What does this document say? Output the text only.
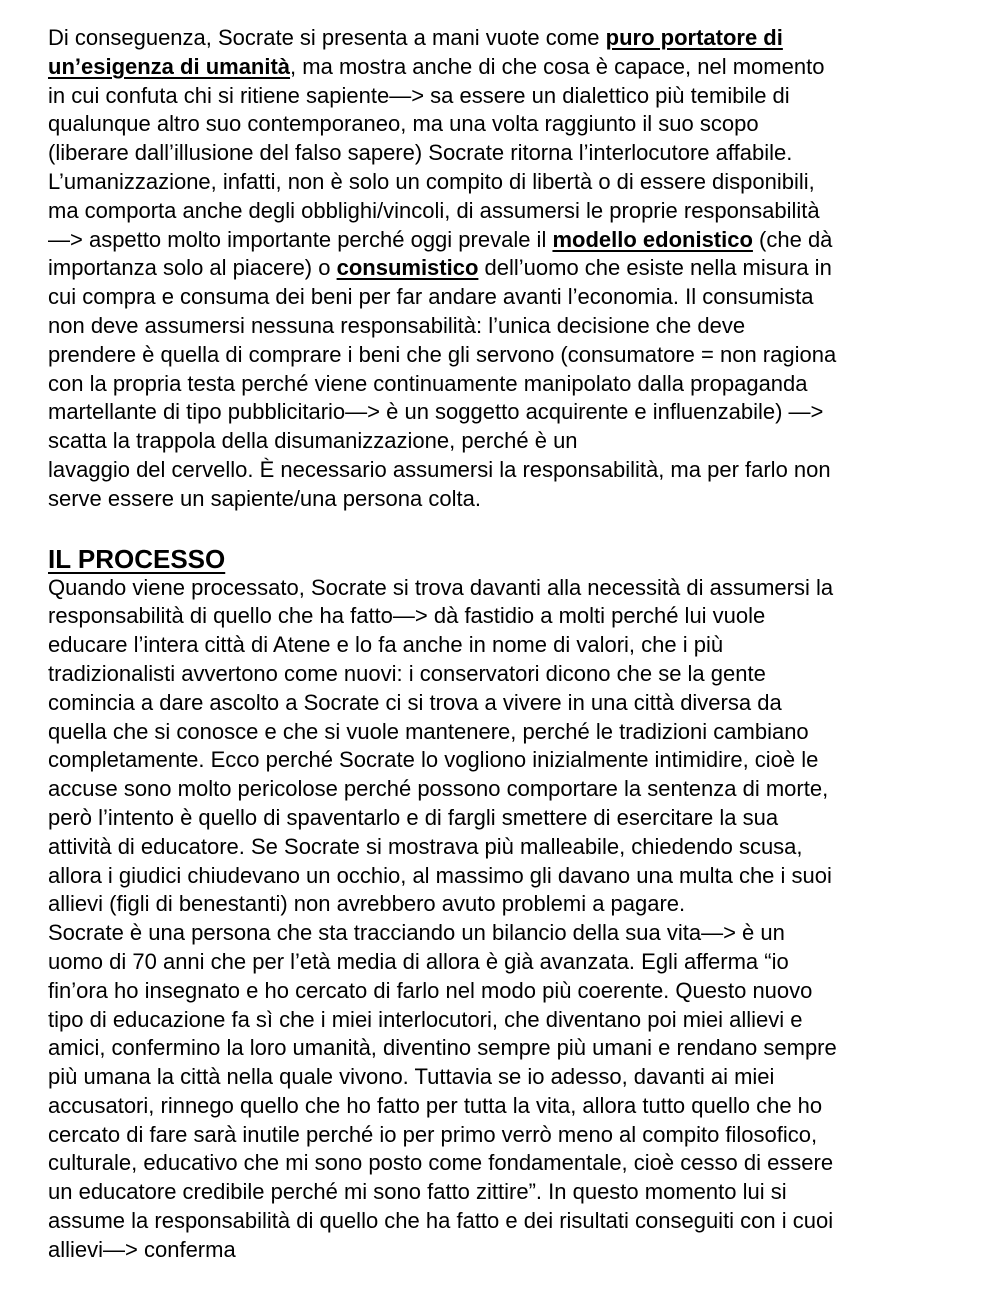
Di conseguenza, Socrate si presenta a mani vuote come puro portatore di
un’esigenza di umanità, ma mostra anche di che cosa è capace, nel momento
in cui confuta chi si ritiene sapiente—> sa essere un dialettico più temibile di
qualunque altro suo contemporaneo, ma una volta raggiunto il suo scopo
(liberare dall’illusione del falso sapere) Socrate ritorna l’interlocutore affabile.
L’umanizzazione, infatti, non è solo un compito di libertà o di essere disponibili,
ma comporta anche degli obblighi/vincoli, di assumersi le proprie responsabilità
—> aspetto molto importante perché oggi prevale il modello edonistico (che dà
importanza solo al piacere) o consumistico dell’uomo che esiste nella misura in
cui compra e consuma dei beni per far andare avanti l’economia. Il consumista
non deve assumersi nessuna responsabilità: l’unica decisione che deve
prendere è quella di comprare i beni che gli servono (consumatore = non ragiona
con la propria testa perché viene continuamente manipolato dalla propaganda
martellante di tipo pubblicitario—> è un soggetto acquirente e influenzabile) —>
scatta la trappola della disumanizzazione, perché è un
lavaggio del cervello. È necessario assumersi la responsabilità, ma per farlo non
serve essere un sapiente/una persona colta.
IL PROCESSO
Quando viene processato, Socrate si trova davanti alla necessità di assumersi la
responsabilità di quello che ha fatto—> dà fastidio a molti perché lui vuole
educare l’intera città di Atene e lo fa anche in nome di valori, che i più
tradizionalisti avvertono come nuovi: i conservatori dicono che se la gente
comincia a dare ascolto a Socrate ci si trova a vivere in una città diversa da
quella che si conosce e che si vuole mantenere, perché le tradizioni cambiano
completamente. Ecco perché Socrate lo vogliono inizialmente intimidire, cioè le
accuse sono molto pericolose perché possono comportare la sentenza di morte,
però l’intento è quello di spaventarlo e di fargli smettere di esercitare la sua
attività di educatore. Se Socrate si mostrava più malleabile, chiedendo scusa,
allora i giudici chiudevano un occhio, al massimo gli davano una multa che i suoi
allievi (figli di benestanti) non avrebbero avuto problemi a pagare.
Socrate è una persona che sta tracciando un bilancio della sua vita—> è un
uomo di 70 anni che per l’età media di allora è già avanzata. Egli afferma “io
fin’ora ho insegnato e ho cercato di farlo nel modo più coerente. Questo nuovo
tipo di educazione fa sì che i miei interlocutori, che diventano poi miei allievi e
amici, confermino la loro umanità, diventino sempre più umani e rendano sempre
più umana la città nella quale vivono. Tuttavia se io adesso, davanti ai miei
accusatori, rinnego quello che ho fatto per tutta la vita, allora tutto quello che ho
cercato di fare sarà inutile perché io per primo verrò meno al compito filosofico,
culturale, educativo che mi sono posto come fondamentale, cioè cesso di essere
un educatore credibile perché mi sono fatto zittire”. In questo momento lui si
assume la responsabilità di quello che ha fatto e dei risultati conseguiti con i cuoi
allievi—> conferma
